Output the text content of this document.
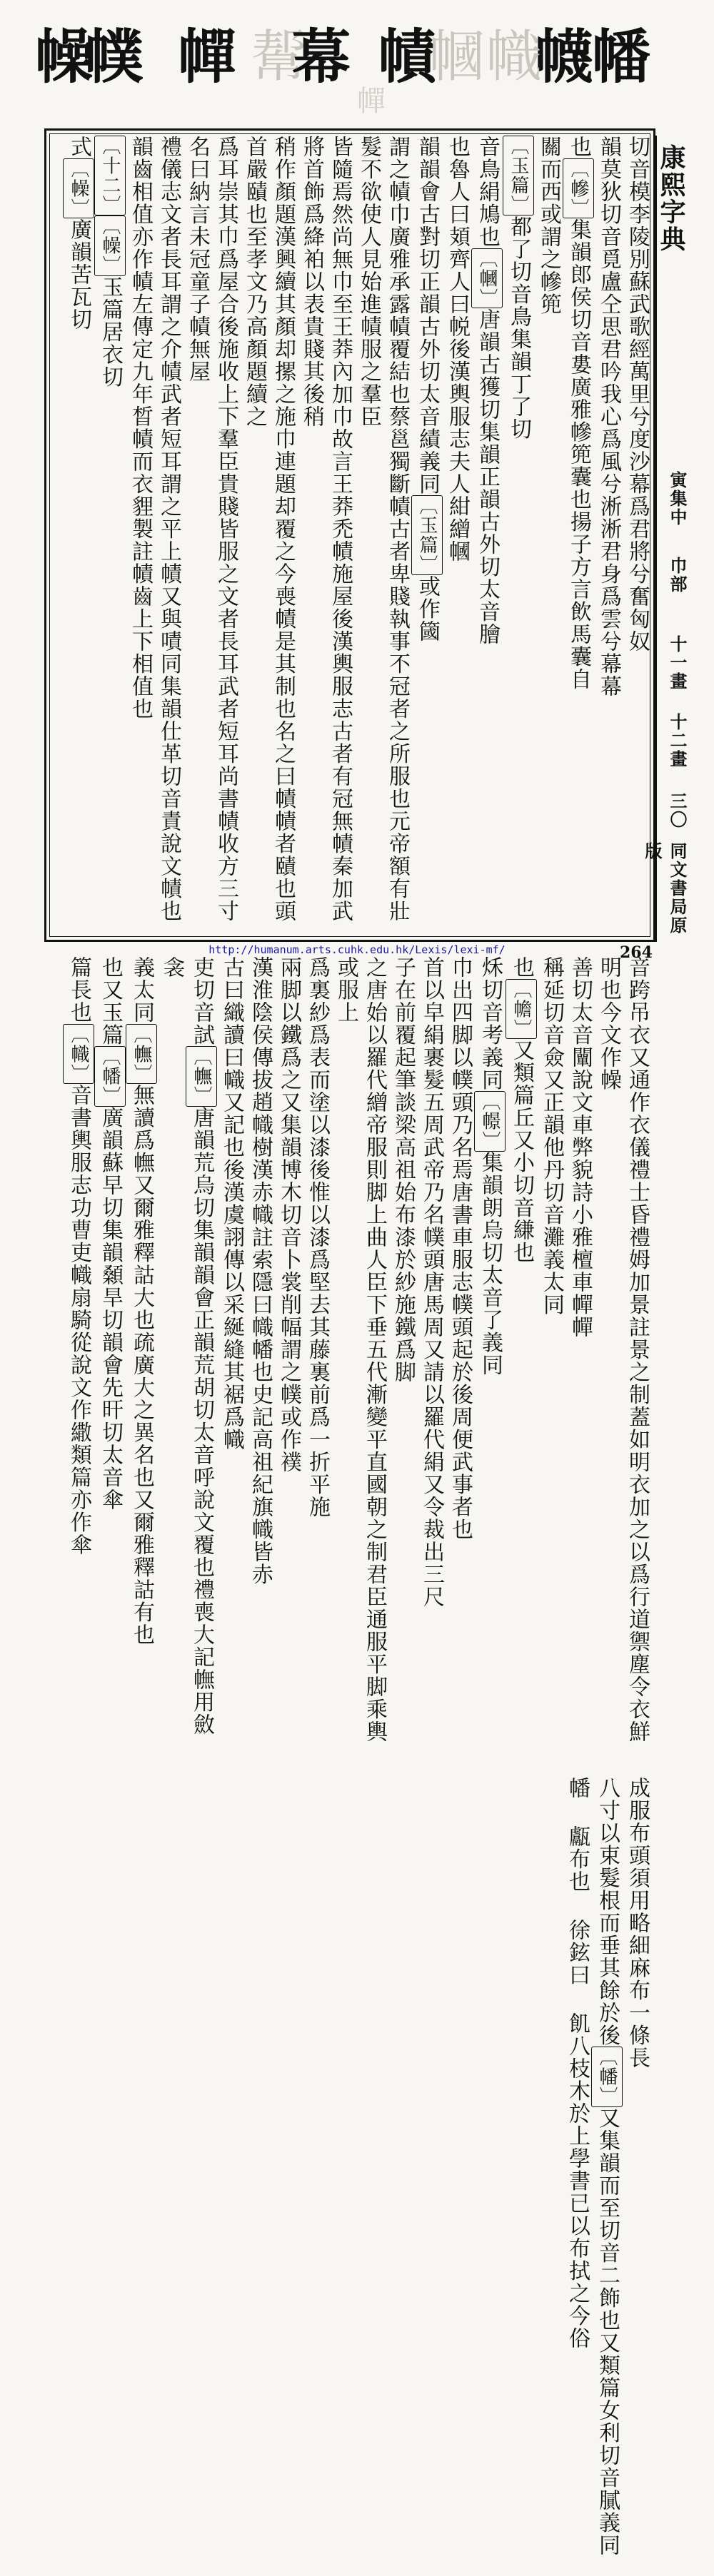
幡
幭
幟
幧
幞 幝 幚
幕 幘
幗
幝
康熙字典
寅集中
巾部
十一畫 十二畫
三〇
同文書局原版
切音模李陵別蘇武歌經萬里兮度沙幕爲君將兮奮匈奴
韻莫狄切音覓盧仝思君吟我心爲風兮淅淅君身爲雲兮幕幕
也〔幓〕集韻郎侯切音婁廣雅幓篼囊也揚子方言飲馬囊自
關而西或謂之幓篼
〔玉篇〕都了切音鳥集韻丁了切
音鳥絹鳩也〔幗〕唐韻古獲切集韻正韻古外切太音膾
也魯人曰頍齊人曰帨後漢輿服志夫人紺繒幗
韻韻會古對切正韻古外切太音績義同〔玉篇〕或作簂
謂之幘巾廣雅承露幘覆結也蔡邕獨斷幘古者卑賤執事不冠者之所服也元帝額有壯髮不欲使人見始進幘服之羣臣
皆隨焉然尚無巾至王莽內加巾故言王莽禿幘施屋後漢輿服志古者有冠無幘秦加武將首飾爲絳袙以表貴賤其後稍
稍作顏題漢興續其顏却摞之施巾連題却覆之今喪幘是其制也名之曰幘幘者賾也頭首嚴賾也至孝文乃高顏題續之
爲耳崇其巾爲屋合後施收上下羣臣貴賤皆服之文者長耳武者短耳尚書幘收方三寸名曰納言未冠童子幘無屋
禮儀志文者長耳謂之介幘武者短耳謂之平上幘又與嘖同集韻仕革切音責說文幘也
韻齒相值亦作幘左傳定九年晳幘而衣貍製註幘齒上下相值也
〔十二〕〔幧〕玉篇居衣切
式〔幧〕廣韻苦瓦切
音跨吊衣又通作衣儀禮士昏禮姆加景註景之制蓋如明衣加之以爲行道禦塵令衣鮮明也今文作幧
善切太音闡說文車弊貌詩小雅檀車幝幝
稱延切音僉又正韻他丹切音灘義太同
也〔幨〕又類篇丘又小切音縑也
秌切音考義同〔幜〕集韻朗烏切太音了義同
巾出四脚以幞頭乃名焉唐書車服志幞頭起於後周便武事者也
首以皁絹裹髮五周武帝乃名幞頭唐馬周又請以羅代絹又令裁出三尺
子在前覆起筆談梁高祖始布漆於紗施鐵爲脚
之唐始以羅代繒帝服則脚上曲人臣下垂五代漸變平直國朝之制君臣通服平脚乘輿或服上
爲裏紗爲表而塗以漆後惟以漆爲堅去其藤裏前爲一折平施
兩脚以鐵爲之又集韻博木切音卜裳削幅謂之幞或作襆
漢淮陰侯傳拔趙幟樹漢赤幟註索隱曰幟幡也史記高祖紀旗幟皆赤
古曰織讀曰幟又記也後漢虞詡傳以采綖縫其裾爲幟
吏切音試〔幠〕唐韻荒烏切集韻韻會正韻荒胡切太音呼說文覆也禮喪大記幠用斂衾
義太同〔幠〕無讀爲幠又爾雅釋詁大也疏廣大之異名也又爾雅釋詁有也
也又玉篇〔幡〕廣韻蘇早切集韻顙旱切韻會先旰切太音傘
篇長也〔幟〕音書輿服志功曹吏幟扇騎從說文作繖類篇亦作傘
成服布頭須用略細麻布一條長
八寸以束髮根而垂其餘於後〔幡〕又集韻而至切音二飾也又類篇女利切音膩義同
幡 甗布也 徐鉉曰 飢八枝木於上學書已以布拭之今俗
264
http://humanum.arts.cuhk.edu.hk/Lexis/lexi-mf/
